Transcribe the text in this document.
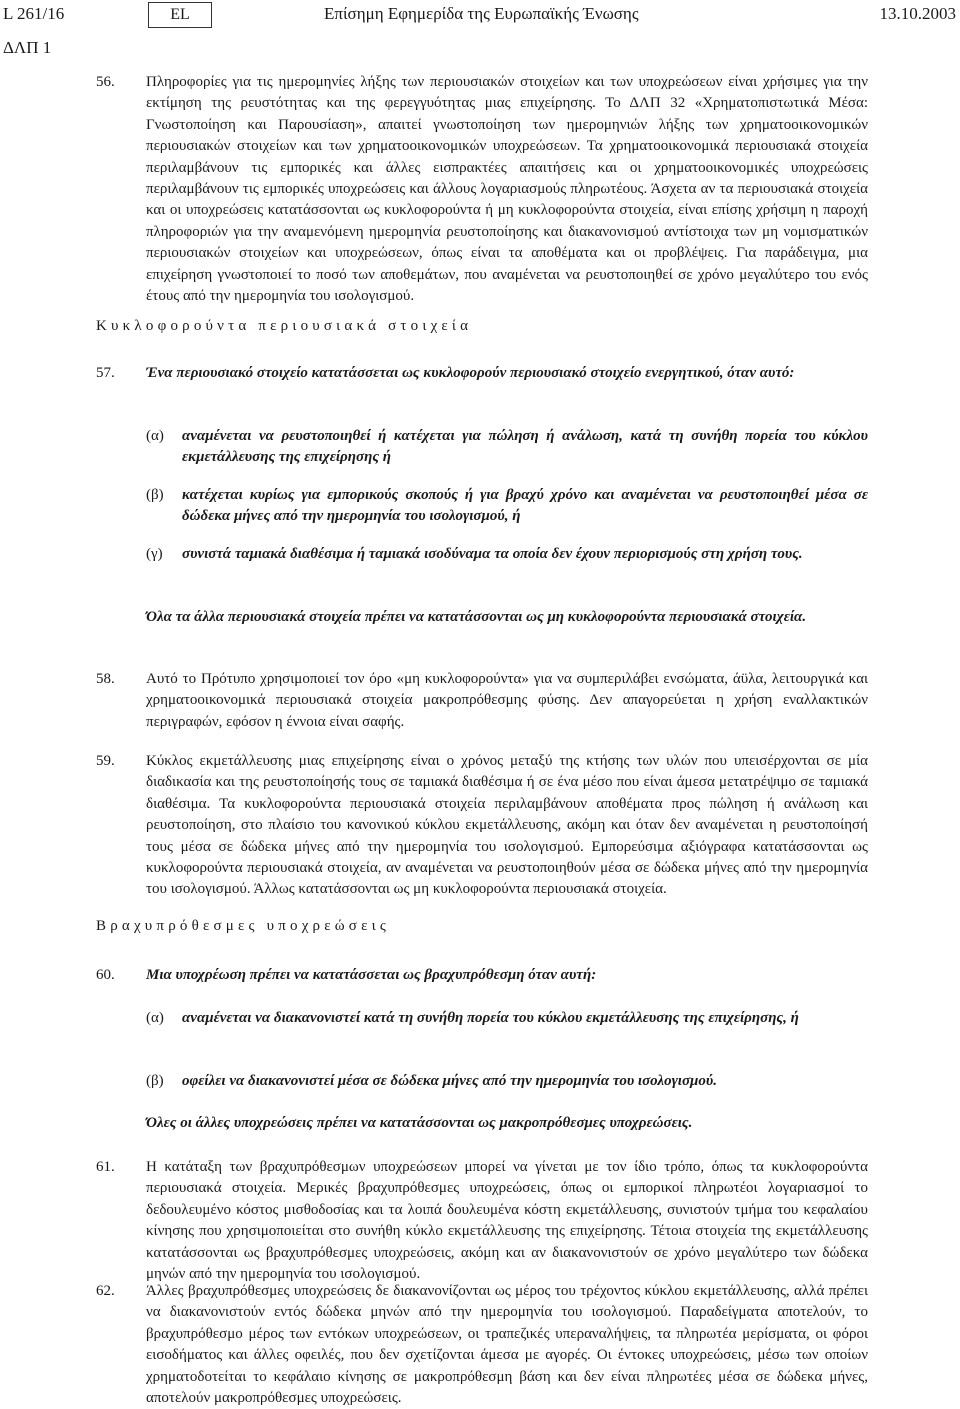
L 261/16	EL	Επίσημη Εφημερίδα της Ευρωπαϊκής Ένωσης	13.10.2003
ΔΛΠ 1
56. Πληροφορίες για τις ημερομηνίες λήξης των περιουσιακών στοιχείων και των υποχρεώσεων είναι χρήσιμες για την εκτίμηση της ρευστότητας και της φερεγγυότητας μιας επιχείρησης. Το ΔΛΠ 32 «Χρηματοπιστωτικά Μέσα: Γνωστοποίηση και Παρουσίαση», απαιτεί γνωστοποίηση των ημερομηνιών λήξης των χρηματοοικονομικών περιουσιακών στοιχείων και των χρηματοοικονομικών υποχρεώσεων. Τα χρηματοοικονομικά περιουσιακά στοιχεία περιλαμβάνουν τις εμπορικές και άλλες εισπρακτέες απαιτήσεις και οι χρηματοοικονομικές υποχρεώσεις περιλαμβάνουν τις εμπορικές υποχρεώσεις και άλλους λογαριασμούς πληρωτέους. Άσχετα αν τα περιουσιακά στοιχεία και οι υποχρεώσεις κατατάσσονται ως κυκλοφορούντα ή μη κυκλοφορούντα στοιχεία, είναι επίσης χρήσιμη η παροχή πληροφοριών για την αναμενόμενη ημερομηνία ρευστοποίησης και διακανονισμού αντίστοιχα των μη νομισματικών περιουσιακών στοιχείων και υποχρεώσεων, όπως είναι τα αποθέματα και οι προβλέψεις. Για παράδειγμα, μια επιχείρηση γνωστοποιεί το ποσό των αποθεμάτων, που αναμένεται να ρευστοποιηθεί σε χρόνο μεγαλύτερο του ενός έτους από την ημερομηνία του ισολογισμού.
Κυκλοφορούντα περιουσιακά στοιχεία
57. Ένα περιουσιακό στοιχείο κατατάσσεται ως κυκλοφορούν περιουσιακό στοιχείο ενεργητικού, όταν αυτό:
(α) αναμένεται να ρευστοποιηθεί ή κατέχεται για πώληση ή ανάλωση, κατά τη συνήθη πορεία του κύκλου εκμετάλλευσης της επιχείρησης ή
(β) κατέχεται κυρίως για εμπορικούς σκοπούς ή για βραχύ χρόνο και αναμένεται να ρευστοποιηθεί μέσα σε δώδεκα μήνες από την ημερομηνία του ισολογισμού, ή
(γ) συνιστά ταμιακά διαθέσιμα ή ταμιακά ισοδύναμα τα οποία δεν έχουν περιορισμούς στη χρήση τους.
Όλα τα άλλα περιουσιακά στοιχεία πρέπει να κατατάσσονται ως μη κυκλοφορούντα περιουσιακά στοιχεία.
58. Αυτό το Πρότυπο χρησιμοποιεί τον όρο «μη κυκλοφορούντα» για να συμπεριλάβει ενσώματα, άϋλα, λειτουργικά και χρηματοοικονομικά περιουσιακά στοιχεία μακροπρόθεσμης φύσης. Δεν απαγορεύεται η χρήση εναλλακτικών περιγραφών, εφόσον η έννοια είναι σαφής.
59. Κύκλος εκμετάλλευσης μιας επιχείρησης είναι ο χρόνος μεταξύ της κτήσης των υλών που υπεισέρχονται σε μία διαδικασία και της ρευστοποίησής τους σε ταμιακά διαθέσιμα ή σε ένα μέσο που είναι άμεσα μετατρέψιμο σε ταμιακά διαθέσιμα. Τα κυκλοφορούντα περιουσιακά στοιχεία περιλαμβάνουν αποθέματα προς πώληση ή ανάλωση και ρευστοποίηση, στο πλαίσιο του κανονικού κύκλου εκμετάλλευσης, ακόμη και όταν δεν αναμένεται η ρευστοποίησή τους μέσα σε δώδεκα μήνες από την ημερομηνία του ισολογισμού. Εμπορεύσιμα αξιόγραφα κατατάσσονται ως κυκλοφορούντα περιουσιακά στοιχεία, αν αναμένεται να ρευστοποιηθούν μέσα σε δώδεκα μήνες από την ημερομηνία του ισολογισμού. Άλλως κατατάσσονται ως μη κυκλοφορούντα περιουσιακά στοιχεία.
Βραχυπρόθεσμες υποχρεώσεις
60. Μια υποχρέωση πρέπει να κατατάσσεται ως βραχυπρόθεσμη όταν αυτή:
(α) αναμένεται να διακανονιστεί κατά τη συνήθη πορεία του κύκλου εκμετάλλευσης της επιχείρησης, ή
(β) οφείλει να διακανονιστεί μέσα σε δώδεκα μήνες από την ημερομηνία του ισολογισμού.
Όλες οι άλλες υποχρεώσεις πρέπει να κατατάσσονται ως μακροπρόθεσμες υποχρεώσεις.
61. Η κατάταξη των βραχυπρόθεσμων υποχρεώσεων μπορεί να γίνεται με τον ίδιο τρόπο, όπως τα κυκλοφορούντα περιουσιακά στοιχεία. Μερικές βραχυπρόθεσμες υποχρεώσεις, όπως οι εμπορικοί πληρωτέοι λογαριασμοί το δεδουλευμένο κόστος μισθοδοσίας και τα λοιπά δουλευμένα κόστη εκμετάλλευσης, συνιστούν τμήμα του κεφαλαίου κίνησης που χρησιμοποιείται στο συνήθη κύκλο εκμετάλλευσης της επιχείρησης. Τέτοια στοιχεία της εκμετάλλευσης κατατάσσονται ως βραχυπρόθεσμες υποχρεώσεις, ακόμη και αν διακανονιστούν σε χρόνο μεγαλύτερο των δώδεκα μηνών από την ημερομηνία του ισολογισμού.
62. Άλλες βραχυπρόθεσμες υποχρεώσεις δε διακανονίζονται ως μέρος του τρέχοντος κύκλου εκμετάλλευσης, αλλά πρέπει να διακανονιστούν εντός δώδεκα μηνών από την ημερομηνία του ισολογισμού. Παραδείγματα αποτελούν, το βραχυπρόθεσμο μέρος των εντόκων υποχρεώσεων, οι τραπεζικές υπεραναλήψεις, τα πληρωτέα μερίσματα, οι φόροι εισοδήματος και άλλες οφειλές, που δεν σχετίζονται άμεσα με αγορές. Οι έντοκες υποχρεώσεις, μέσω των οποίων χρηματοδοτείται το κεφάλαιο κίνησης σε μακροπρόθεσμη βάση και δεν είναι πληρωτέες μέσα σε δώδεκα μήνες, αποτελούν μακροπρόθεσμες υποχρεώσεις.
